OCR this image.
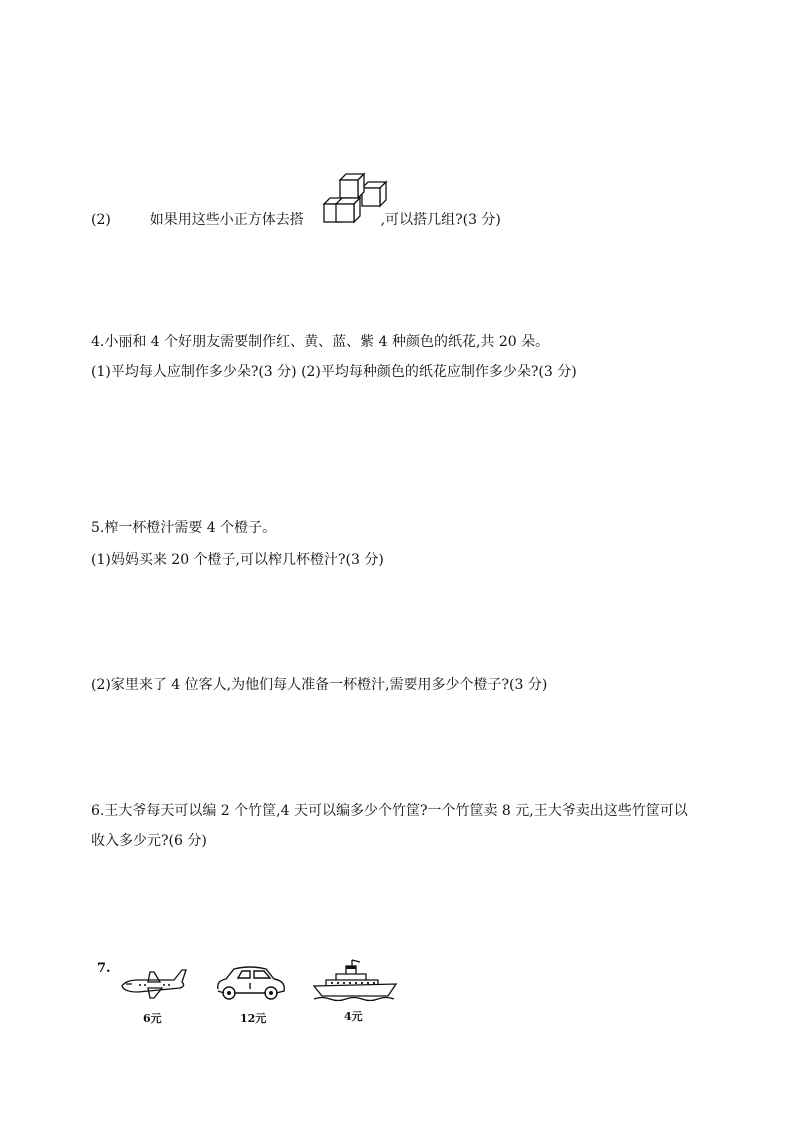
(2)	如果用这些小正方体去搭	,可以搭几组?(3 分)
4.小丽和 4 个好朋友需要制作红、黄、蓝、紫 4 种颜色的纸花,共 20 朵。
(1)平均每人应制作多少朵?(3 分) (2)平均每种颜色的纸花应制作多少朵?(3 分)
5.榨一杯橙汁需要 4 个橙子。
(1)妈妈买来 20 个橙子,可以榨几杯橙汁?(3 分)
(2)家里来了 4 位客人,为他们每人准备一杯橙汁,需要用多少个橙子?(3 分)
6.王大爷每天可以编 2 个竹筐,4 天可以编多少个竹筐?一个竹筐卖 8 元,王大爷卖出这些竹筐可以收入多少元?(6 分)
7.
6元	12元	4元
